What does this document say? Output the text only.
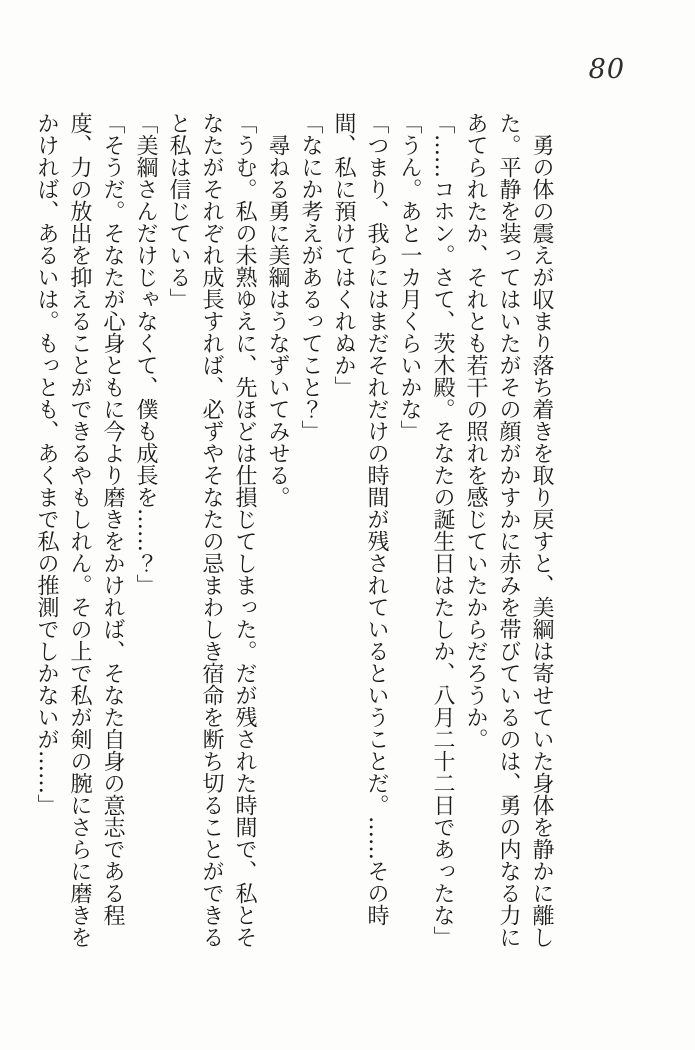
80

勇の体の震えが収まり落ち着きを取り戻すと、美綱は寄せていた身体を静かに離した。平静を装ってはいたがその顔がかすかに赤みを帯びているのは、勇の内なる力にあてられたか、それとも若干の照れを感じていたからだろうか。

「……コホン。さて、茨木殿。そなたの誕生日はたしか、八月二十二日であったな」

「うん。あと一カ月くらいかな」

「つまり、我らにはまだそれだけの時間が残されているということだ。……その時間、私に預けてはくれぬか」

「なにか考えがあるってこと？」

尋ねる勇に美綱はうなずいてみせる。

「うむ。私の未熟ゆえに、先ほどは仕損じてしまった。だが残された時間で、私とそなたがそれぞれ成長すれば、必ずやそなたの忌まわしき宿命を断ち切ることができると私は信じている」

「美綱さんだけじゃなくて、僕も成長を……？」

「そうだ。そなたが心身ともに今より磨きをかければ、そなた自身の意志である程度、力の放出を抑えることができるやもしれん。その上で私が剣の腕にさらに磨きをかければ、あるいは。もっとも、あくまで私の推測でしかないが……」
